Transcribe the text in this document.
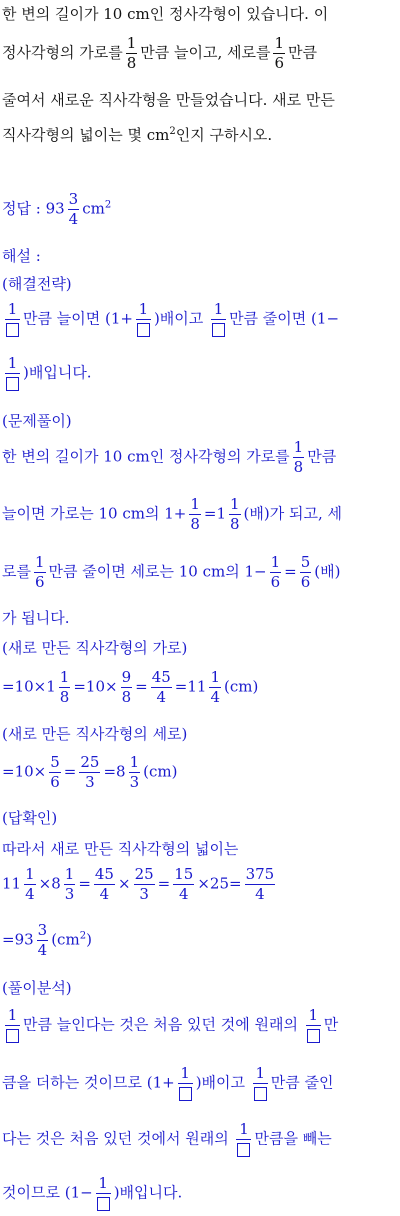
한 변의 길이가 10 cm인 정사각형이 있습니다. 이
정사각형의 가로를 $\frac{1}{8}$ 만큼 늘이고, 세로를 $\frac{1}{6}$ 만큼
줄여서 새로운 직사각형을 만들었습니다. 새로 만든
직사각형의 넓이는 몇 $cm^2$인지 구하시오.
정답 : $93 \frac{3}{4} cm^2$
해설 :
(해결전략)
1
만큼 늘이면 (1+
1
)배이고
1
만큼 줄이면 (1−
1
)배입니다.
(문제풀이)
한 변의 길이가 10 cm인 정사각형의 가로를 $\frac{1}{8}$ 만큼
늘이면 가로는 10 cm의 $1+ \frac{1}{8} =1 \frac{1}{8}$ (배)가 되고, 세
로를 $\frac{1}{6}$ 만큼 줄이면 세로는 10 cm의 $1- \frac{1}{6} = \frac{5}{6}$ (배)
가 됩니다.
(새로 만든 직사각형의 가로)
$=10\times 1 \frac{1}{8} =10\times \frac{9}{8} = \frac{45}{4} =11 \frac{1}{4} (cm)$
(새로 만든 직사각형의 세로)
$=10\times \frac{5}{6} = \frac{25}{3} =8 \frac{1}{3} (cm)$
(답확인)
따라서 새로 만든 직사각형의 넓이는
$11 \frac{1}{4} \times 8 \frac{1}{3} = \frac{45}{4} \times \frac{25}{3} = \frac{15}{4} \times 25= \frac{375}{4}$
$=93 \frac{3}{4} (cm^2)$
(풀이분석)
1
만큼 늘인다는 것은 처음 있던 것에 원래의
1
만
큼을 더하는 것이므로 (1+
1
)배이고
1
만큼 줄인
다는 것은 처음 있던 것에서 원래의
1
만큼을 빼는
것이므로 (1−
1
)배입니다.
